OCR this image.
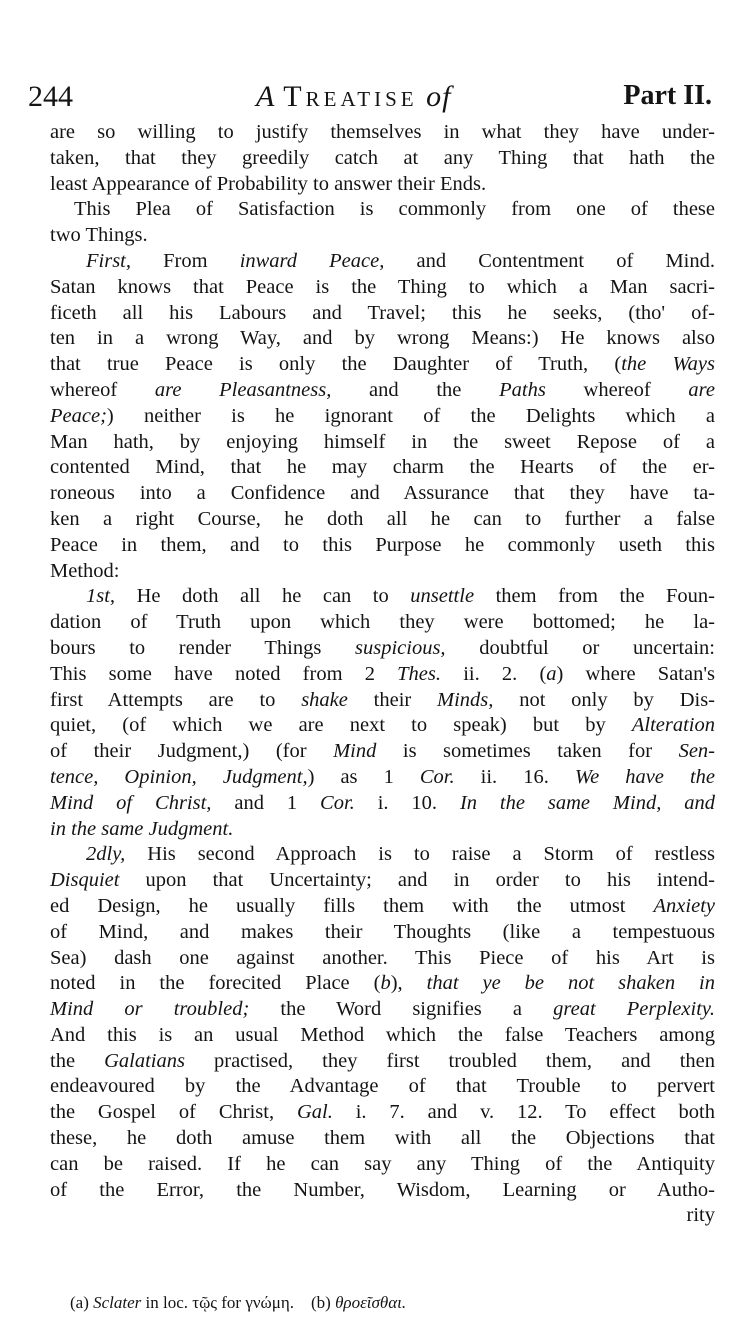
244	A Treatise of	Part II.
are so willing to justify themselves in what they have under-
taken, that they greedily catch at any Thing that hath the
least Appearance of Probability to answer their Ends.
This Plea of Satisfaction is commonly from one of these
two Things.
First, From inward Peace, and Contentment of Mind.
Satan knows that Peace is the Thing to which a Man sacri-
ficeth all his Labours and Travel; this he seeks, (tho' of-
ten in a wrong Way, and by wrong Means:) He knows also
that true Peace is only the Daughter of Truth, (the Ways
whereof are Pleasantness, and the Paths whereof are
Peace;) neither is he ignorant of the Delights which a
Man hath, by enjoying himself in the sweet Repose of a
contented Mind, that he may charm the Hearts of the er-
roneous into a Confidence and Assurance that they have ta-
ken a right Course, he doth all he can to further a false
Peace in them, and to this Purpose he commonly useth this
Method:
1st, He doth all he can to unsettle them from the Foun-
dation of Truth upon which they were bottomed; he la-
bours to render Things suspicious, doubtful or uncertain:
This some have noted from 2 Thes. ii. 2. (a) where Satan's
first Attempts are to shake their Minds, not only by Dis-
quiet, (of which we are next to speak) but by Alteration
of their Judgment,) (for Mind is sometimes taken for Sen-
tence, Opinion, Judgment,) as 1 Cor. ii. 16. We have the
Mind of Christ, and 1 Cor. i. 10. In the same Mind, and
in the same Judgment.
2dly, His second Approach is to raise a Storm of restless
Disquiet upon that Uncertainty; and in order to his intend-
ed Design, he usually fills them with the utmost Anxiety
of Mind, and makes their Thoughts (like a tempestuous
Sea) dash one against another. This Piece of his Art is
noted in the forecited Place (b), that ye be not shaken in
Mind or troubled; the Word signifies a great Perplexity.
And this is an usual Method which the false Teachers among
the Galatians practised, they first troubled them, and then
endeavoured by the Advantage of that Trouble to pervert
the Gospel of Christ, Gal. i. 7. and v. 12. To effect both
these, he doth amuse them with all the Objections that
can be raised. If he can say any Thing of the Antiquity
of the Error, the Number, Wisdom, Learning or Autho-
rity
(a) Sclater in loc. τῷς for γνώμη. (b) θροεῖσθαι.
